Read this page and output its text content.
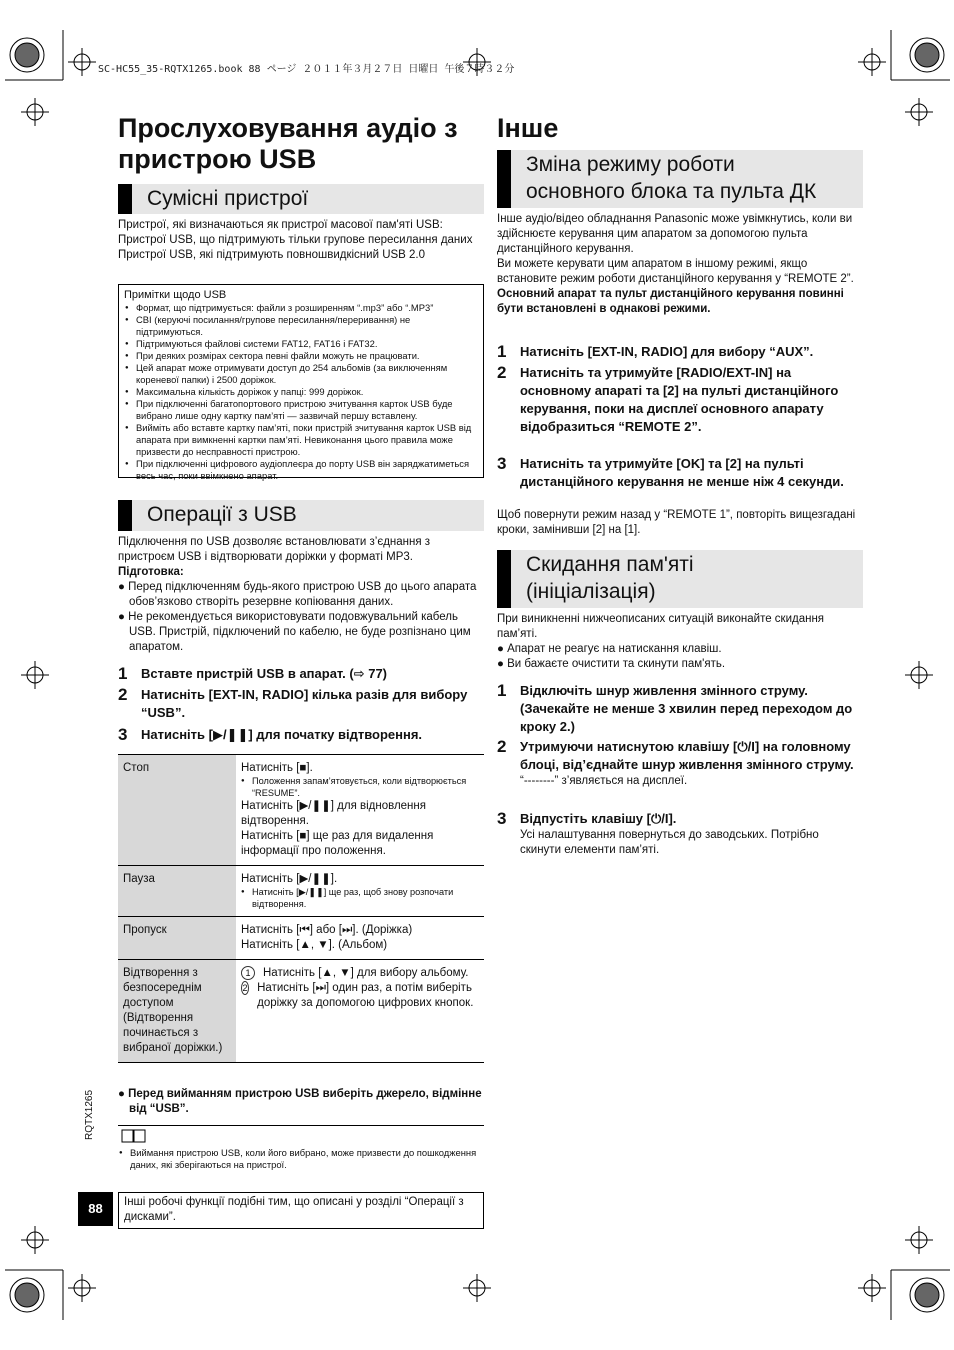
SC-HC55_35-RQTX1265.book 88 ページ ２０１１年３月２７日 日曜日 午後７時３２分

Прослуховування аудіо з

пристрою USB

Сумісні пристрої

Пристрої, які визначаються як пристрої масової пам'яті USB:

Пристрої USB, що підтримують тільки групове пересилання даних

Пристрої USB, які підтримують повношвидкісний USB 2.0

Примітки щодо USB

● Формат, що підтримується: файли з розширенням “.mp3” або “.MP3”
● CBI (керуючі посилання/групове пересилання/переривання) не підтримуються.
● Підтримуються файлові системи FAT12, FAT16 і FAT32.
● При деяких розмірах сектора певні файли можуть не працювати.
● Цей апарат може отримувати доступ до 254 альбомів (за виключенням кореневої папки) і 2500 доріжок.
● Максимальна кількість доріжок у папці: 999 доріжок.
● При підключенні багатопортового пристрою зчитування карток USB буде вибрано лише одну картку пам’яті — зазвичай першу вставлену.
● Вийміть або вставте картку пам’яті, поки пристрій зчитування карток USB від апарата при вимкненні картки пам’яті. Невиконання цього правила може призвести до несправності пристрою.
● При підключенні цифрового аудіоплеєра до порту USB він заряджатиметься весь час, поки ввімкнено апарат.
Операції з USB

Підключення по USB дозволяє встановлювати з’єднання з пристроєм USB і відтворювати доріжки у форматі MP3.

Підготовка:

● Перед підключенням будь-якого пристрою USB до цього апарата обов’язково створіть резервне копіювання даних.

● Не рекомендується використовувати подовжувальний кабель USB. Пристрій, підключений по кабелю, не буде розпізнано цим апаратом.

1	Вставте пристрій USB в апарат. (⇨ 77)
2	Натисніть [EXT-IN, RADIO] кілька разів для вибору “USB”.
3	Натисніть [▶/❚❚] для початку відтворення.
Стоп	Натисніть [■].
● Положення запам’ятовується, коли відтворюється “RESUME”.
Натисніть [▶/❚❚] для відновлення відтворення.
Натисніть [■] ще раз для видалення інформації про положення.

Пауза	Натисніть [▶/❚❚].
● Натисніть [▶/❚❚] ще раз, щоб знову розпочати відтворення.

Пропуск	Натисніть [⏮] або [⏭]. (Доріжка)
Натисніть [▲, ▼]. (Альбом)

Відтворення з безпосереднім доступом (Відтворення починається з вибраної доріжки.)	1 Натисніть [▲, ▼] для вибору альбому.
2 Натисніть [⏭] один раз, а потім виберіть доріжку за допомогою цифрових кнопок.

● Перед вийманням пристрою USB виберіть джерело, відмінне від “USB”.

● Виймання пристрою USB, коли його вибрано, може призвести до пошкодження даних, які зберігаються на пристрої.
RQTX1265
88	Інші робочі функції подібні тим, що описані у розділі “Операції з дисками”.

Інше

Зміна режиму роботи
основного блока та пульта ДК

Інше аудіо/відео обладнання Panasonic може увімкнутись, коли ви здійснюєте керування цим апаратом за допомогою пульта дистанційного керування.

Ви можете керувати цим апаратом в іншому режимі, якщо встановите режим роботи дистанційного керування у “REMOTE 2”.

Основний апарат та пульт дистанційного керування повинні бути встановлені в однакові режими.

1	Натисніть [EXT-IN, RADIO] для вибору “AUX”.
2	Натисніть та утримуйте [RADIO/EXT-IN] на основному апараті та [2] на пульті дистанційного керування, поки на дисплеї основного апарату відобразиться “REMOTE 2”.
3	Натисніть та утримуйте [OK] та [2] на пульті дистанційного керування не менше ніж 4 секунди.

Щоб повернути режим назад у “REMOTE 1”, повторіть вищезгадані кроки, замінивши [2] на [1].

Скидання пам'яті
(ініціалізація)

При виникненні нижчеописаних ситуацій виконайте скидання пам’яті.

● Апарат не реагує на натискання клавіш.

● Ви бажаєте очистити та скинути пам'ять.

1	Відключіть шнур живлення змінного струму. (Зачекайте не менше 3 хвилин перед переходом до кроку 2.)
2	Утримуючи натиснутою клавішу [⏻/I] на головному блоці, від’єднайте шнур живлення змінного струму.
“--------” з’являється на дисплеї.
3	Відпустіть клавішу [⏻/I].
Усі налаштування повернуться до заводських. Потрібно скинути елементи пам’яті.
